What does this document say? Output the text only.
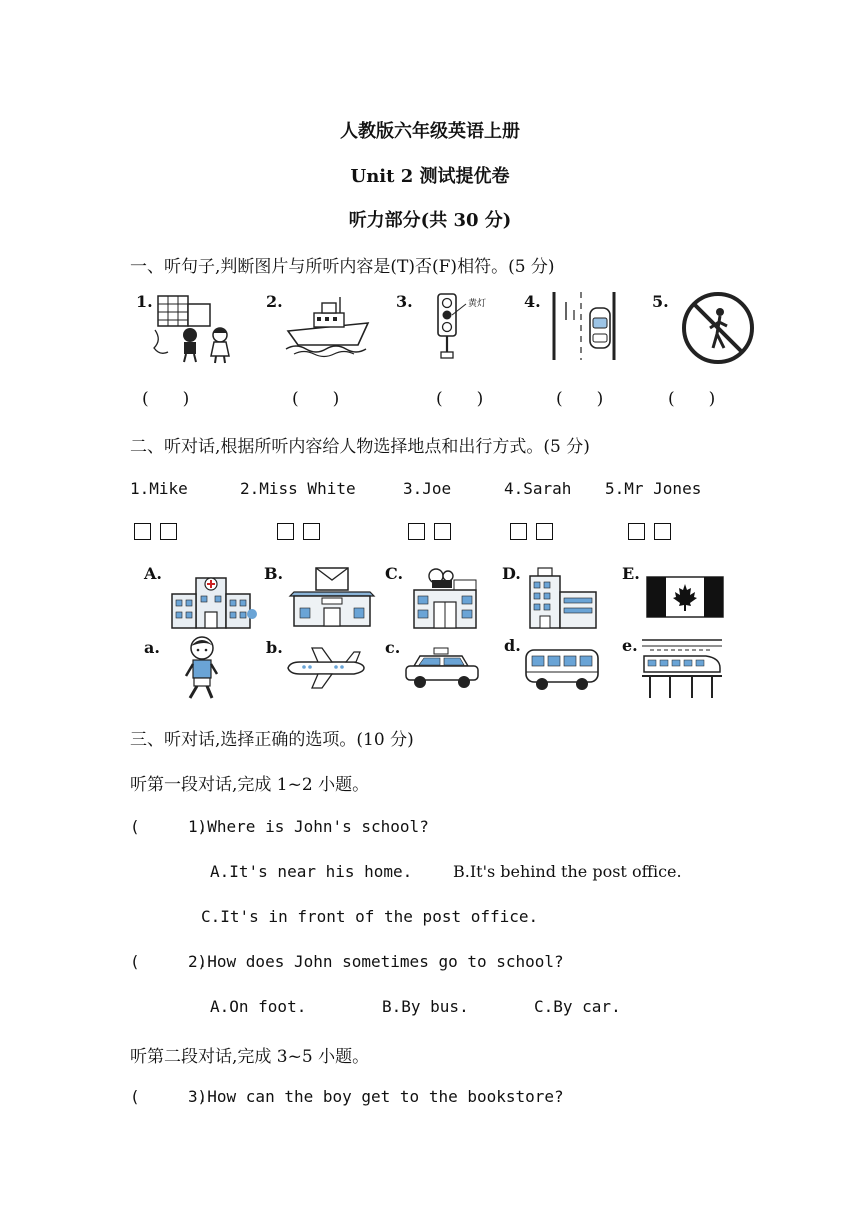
人教版六年级英语上册
Unit 2 测试提优卷
听力部分(共 30 分)
一、听句子,判断图片与所听内容是(T)否(F)相符。(5 分)
1.	2.	3.	4.	5.
黄灯
(　　)	(　　)	(　　)	(　　)	(　　)
二、听对话,根据所听内容给人物选择地点和出行方式。(5 分)
1.Mike	2.Miss White	3.Joe	4.Sarah 5.Mr Jones
A.	B.	C.	D.	E.
a.	b.	c.	d.	e.
三、听对话,选择正确的选项。(10 分)
听第一段对话,完成 1~2 小题。
(      )
1.Where is John's school?
A.It's near his home.	B.It's behind the post office.
C.It's in front of the post office.
(      )
2.How does John sometimes go to school?
A.On foot.	B.By bus.	C.By car.
听第二段对话,完成 3~5 小题。
(      )
3.How can the boy get to the bookstore?
